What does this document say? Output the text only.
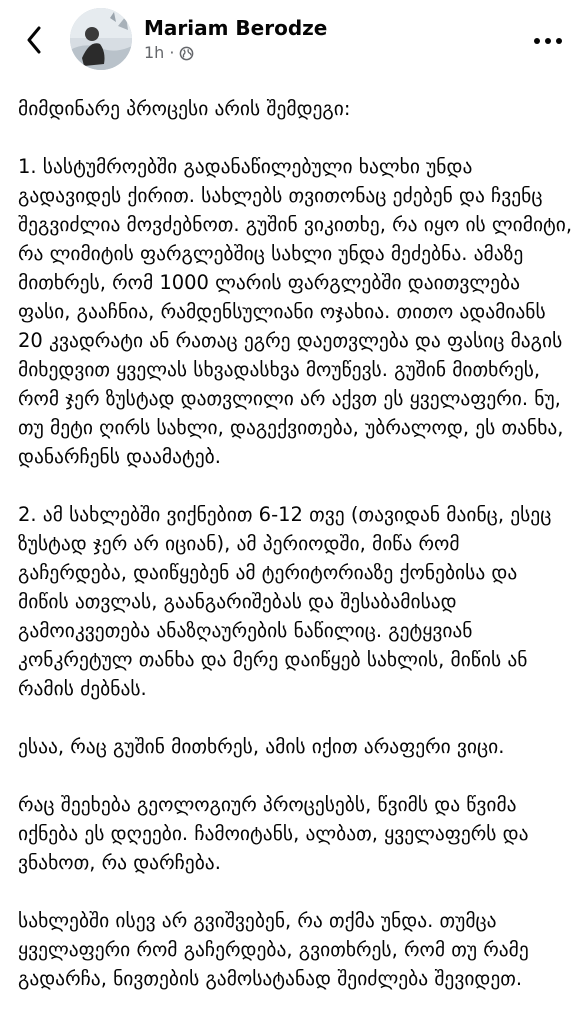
Mariam Berodze
1h ·

მიმდინარე პროცესი არის შემდეგი:

1. სასტუმროებში გადანაწილებული ხალხი უნდა გადავიდეს ქირით. სახლებს თვითონაც ეძებენ და ჩვენც შეგვიძლია მოვძებნოთ. გუშინ ვიკითხე, რა იყო ის ლიმიტი, რა ლიმიტის ფარგლებშიც სახლი უნდა მეძებნა. ამაზე მითხრეს, რომ 1000 ლარის ფარგლებში დაითვლება ფასი, გააჩნია, რამდენსულიანი ოჯახია. თითო ადამიანს 20 კვადრატი ან რათაც ეგრე დაეთვლება და ფასიც მაგის მიხედვით ყველას სხვადასხვა მოუწევს. გუშინ მითხრეს, რომ ჯერ ზუსტად დათვლილი არ აქვთ ეს ყველაფერი. ნუ, თუ მეტი ღირს სახლი, დაგექვითება, უბრალოდ, ეს თანხა, დანარჩენს დაამატებ.

2. ამ სახლებში ვიქნებით 6-12 თვე (თავიდან მაინც, ესეც ზუსტად ჯერ არ იციან), ამ პერიოდში, მიწა რომ გაჩერდება, დაიწყებენ ამ ტერიტორიაზე ქონებისა და მიწის ათვლას, გაანგარიშებას და შესაბამისად გამოიკვეთება ანაზღაურების ნაწილიც. გეტყვიან კონკრეტულ თანხა და მერე დაიწყებ სახლის, მიწის ან რამის ძებნას.

ესაა, რაც გუშინ მითხრეს, ამის იქით არაფერი ვიცი.

რაც შეეხება გეოლოგიურ პროცესებს, წვიმს და წვიმა იქნება ეს დღეები. ჩამოიტანს, ალბათ, ყველაფერს და ვნახოთ, რა დარჩება.

სახლებში ისევ არ გვიშვებენ, რა თქმა უნდა. თუმცა ყველაფერი რომ გაჩერდება, გვითხრეს, რომ თუ რამე გადარჩა, ნივთების გამოსატანად შეიძლება შევიდეთ.
